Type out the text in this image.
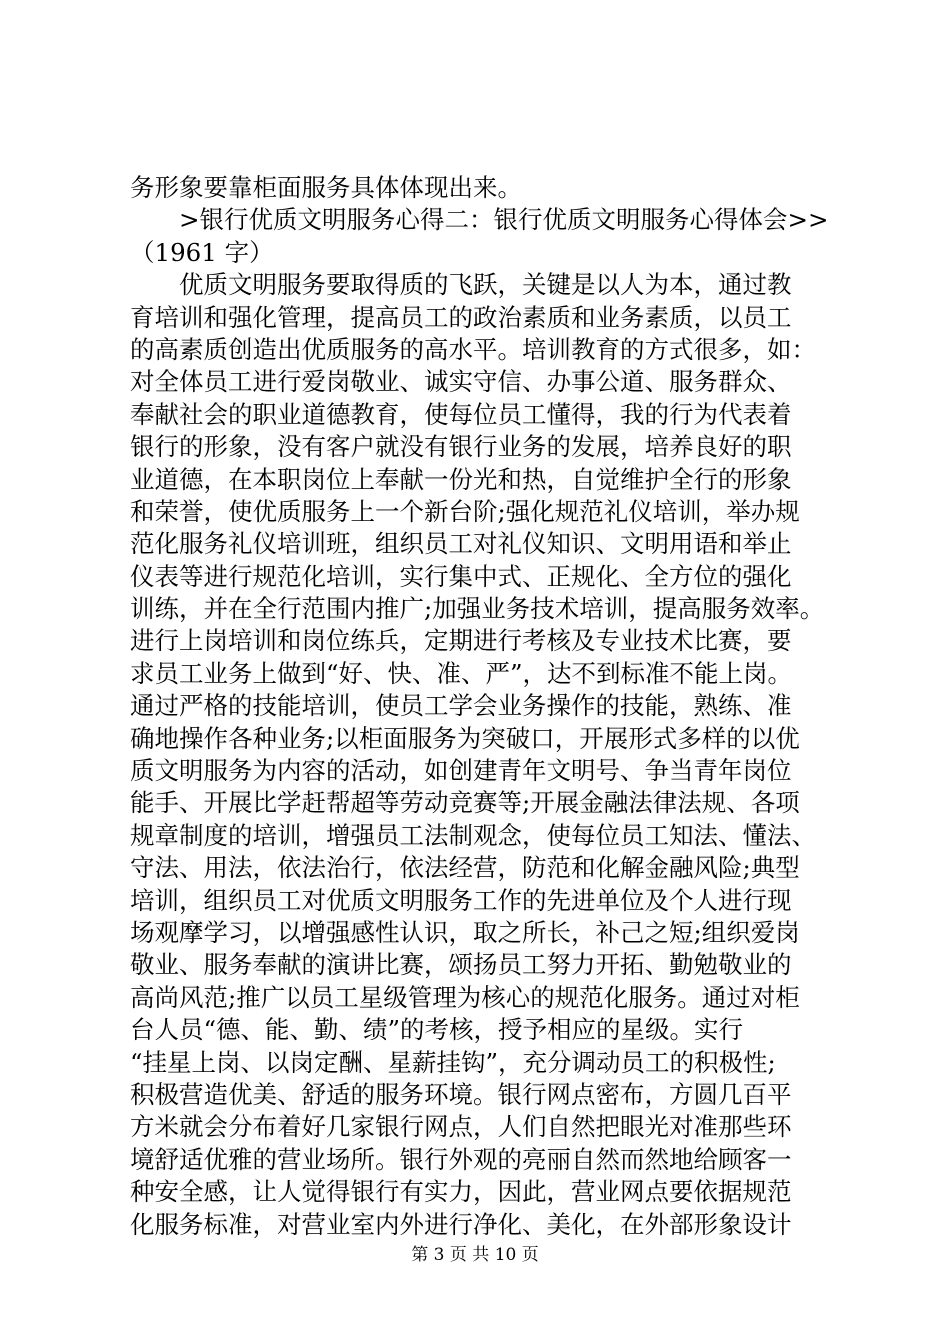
务形象要靠柜面服务具体体现出来。
>银行优质文明服务心得二：银行优质文明服务心得体会>>
（1961 字）
优质文明服务要取得质的飞跃，关键是以人为本，通过教
育培训和强化管理，提高员工的政治素质和业务素质，以员工
的高素质创造出优质服务的高水平。培训教育的方式很多，如：
对全体员工进行爱岗敬业、诚实守信、办事公道、服务群众、
奉献社会的职业道德教育，使每位员工懂得，我的行为代表着
银行的形象，没有客户就没有银行业务的发展，培养良好的职
业道德，在本职岗位上奉献一份光和热，自觉维护全行的形象
和荣誉，使优质服务上一个新台阶;强化规范礼仪培训，举办规
范化服务礼仪培训班，组织员工对礼仪知识、文明用语和举止
仪表等进行规范化培训，实行集中式、正规化、全方位的强化
训练，并在全行范围内推广;加强业务技术培训，提高服务效率。
进行上岗培训和岗位练兵，定期进行考核及专业技术比赛，要
求员工业务上做到“好、快、准、严”，达不到标准不能上岗。
通过严格的技能培训，使员工学会业务操作的技能，熟练、准
确地操作各种业务;以柜面服务为突破口，开展形式多样的以优
质文明服务为内容的活动，如创建青年文明号、争当青年岗位
能手、开展比学赶帮超等劳动竞赛等;开展金融法律法规、各项
规章制度的培训，增强员工法制观念，使每位员工知法、懂法、
守法、用法，依法治行，依法经营，防范和化解金融风险;典型
培训，组织员工对优质文明服务工作的先进单位及个人进行现
场观摩学习，以增强感性认识，取之所长，补己之短;组织爱岗
敬业、服务奉献的演讲比赛，颂扬员工努力开拓、勤勉敬业的
高尚风范;推广以员工星级管理为核心的规范化服务。通过对柜
台人员“德、能、勤、绩”的考核，授予相应的星级。实行
“挂星上岗、以岗定酬、星薪挂钩”，充分调动员工的积极性;
积极营造优美、舒适的服务环境。银行网点密布，方圆几百平
方米就会分布着好几家银行网点，人们自然把眼光对准那些环
境舒适优雅的营业场所。银行外观的亮丽自然而然地给顾客一
种安全感，让人觉得银行有实力，因此，营业网点要依据规范
化服务标准，对营业室内外进行净化、美化，在外部形象设计
第 3 页 共 10 页
